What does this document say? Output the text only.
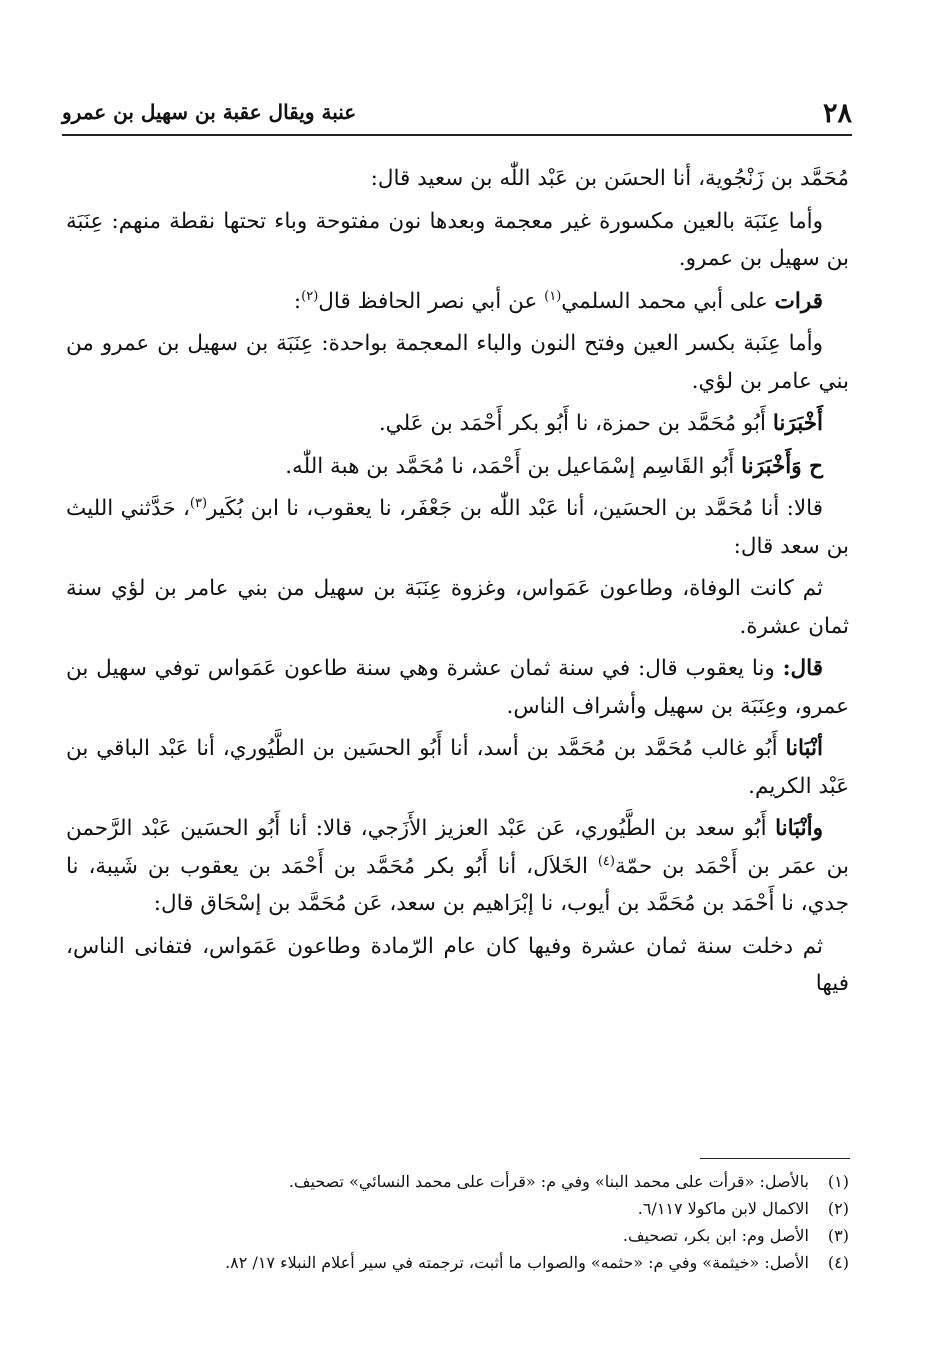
٢٨
عنبة ويقال عقبة بن سهيل بن عمرو

مُحَمَّد بن زَنْجُوية، أنا الحسَن بن عَبْد اللّٰه بن سعيد قال:

وأما عِنَبَة بالعين مكسورة غير معجمة وبعدها نون مفتوحة وباء تحتها نقطة منهم: عِنَبَة بن سهيل بن عمرو.

قرات على أبي محمد السلمي$^{(١)}$ عن أبي نصر الحافظ قال$^{(٢)}$:

وأما عِنَبة بكسر العين وفتح النون والباء المعجمة بواحدة: عِنَبَة بن سهيل بن عمرو من بني عامر بن لؤي.

أَخْبَرَنا أَبُو مُحَمَّد بن حمزة، نا أَبُو بكر أَحْمَد بن عَلي.

ح وَأَخْبَرَنا أَبُو القَاسِم إسْمَاعيل بن أَحْمَد، نا مُحَمَّد بن هبة اللّٰه.

قالا: أنا مُحَمَّد بن الحسَين، أنا عَبْد اللّٰه بن جَعْفَر، نا يعقوب، نا ابن بُكَير$^{(٣)}$، حَدَّثني الليث بن سعد قال:

ثم كانت الوفاة، وطاعون عَمَواس، وغزوة عِنَبَة بن سهيل من بني عامر بن لؤي سنة ثمان عشرة.

قال: ونا يعقوب قال: في سنة ثمان عشرة وهي سنة طاعون عَمَواس توفي سهيل بن عمرو، وعِنَبَة بن سهيل وأشراف الناس.

أنْبَانا أَبُو غالب مُحَمَّد بن مُحَمَّد بن أسد، أنا أَبُو الحسَين بن الطَّيُوري، أنا عَبْد الباقي بن عَبْد الكريم.

وأنْبَانا أَبُو سعد بن الطَّيُوري، عَن عَبْد العزيز الأَزَجي، قالا: أنا أَبُو الحسَين عَبْد الرَّحمن بن عمَر بن أَحْمَد بن حمّة$^{(٤)}$ الخَلاَل، أنا أَبُو بكر مُحَمَّد بن أَحْمَد بن يعقوب بن شَيبة، نا جدي، نا أَحْمَد بن مُحَمَّد بن أيوب، نا إبْرَاهيم بن سعد، عَن مُحَمَّد بن إسْحَاق قال:

ثم دخلت سنة ثمان عشرة وفيها كان عام الرّمادة وطاعون عَمَواس، فتفانى الناس، فيها

(١)
بالأصل: «قرأت على محمد البنا» وفي م: «قرأت على محمد النسائي» تصحيف.
(٢)
الاكمال لابن ماكولا ٦/١١٧.
(٣)
الأصل وم: ابن بكر، تصحيف.
(٤)
الأصل: «خيثمة» وفي م: «حثمه» والصواب ما أثبت، ترجمته في سير أعلام النبلاء ١٧/ ٨٢.
